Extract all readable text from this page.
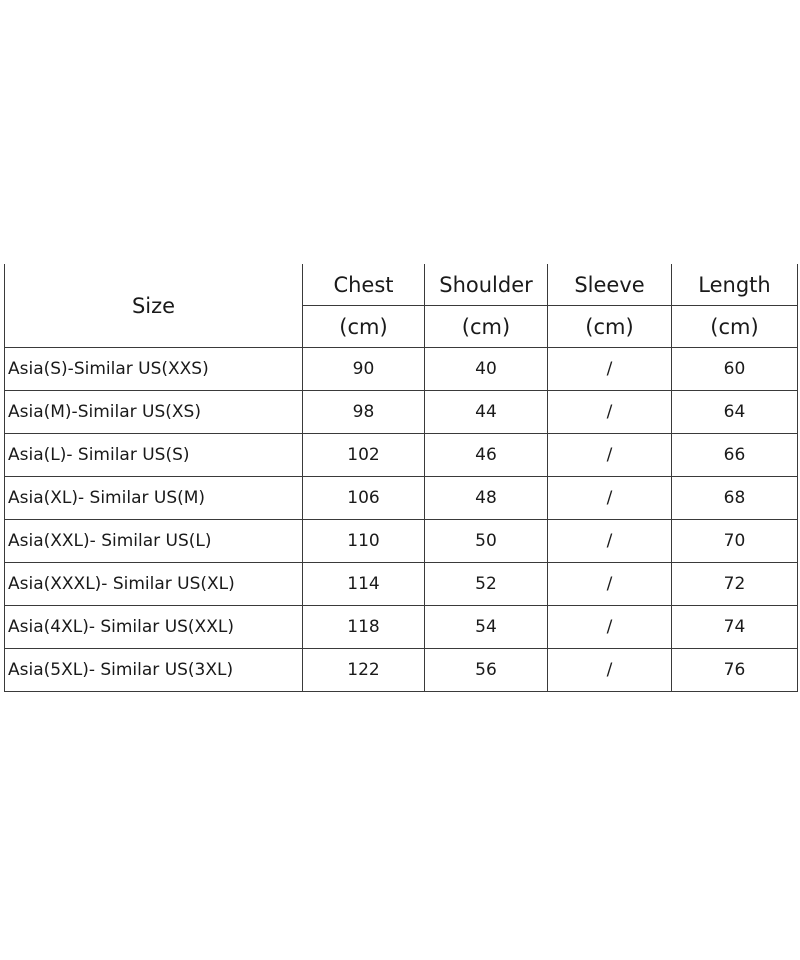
Size	Chest	Shoulder	Sleeve	Length
	(cm)	(cm)	(cm)	(cm)
Asia(S)-Similar US(XXS)	90	40	/	60
Asia(M)-Similar US(XS)	98	44	/	64
Asia(L)- Similar US(S)	102	46	/	66
Asia(XL)- Similar US(M)	106	48	/	68
Asia(XXL)- Similar US(L)	110	50	/	70
Asia(XXXL)- Similar US(XL)	114	52	/	72
Asia(4XL)- Similar US(XXL)	118	54	/	74
Asia(5XL)- Similar US(3XL)	122	56	/	76
